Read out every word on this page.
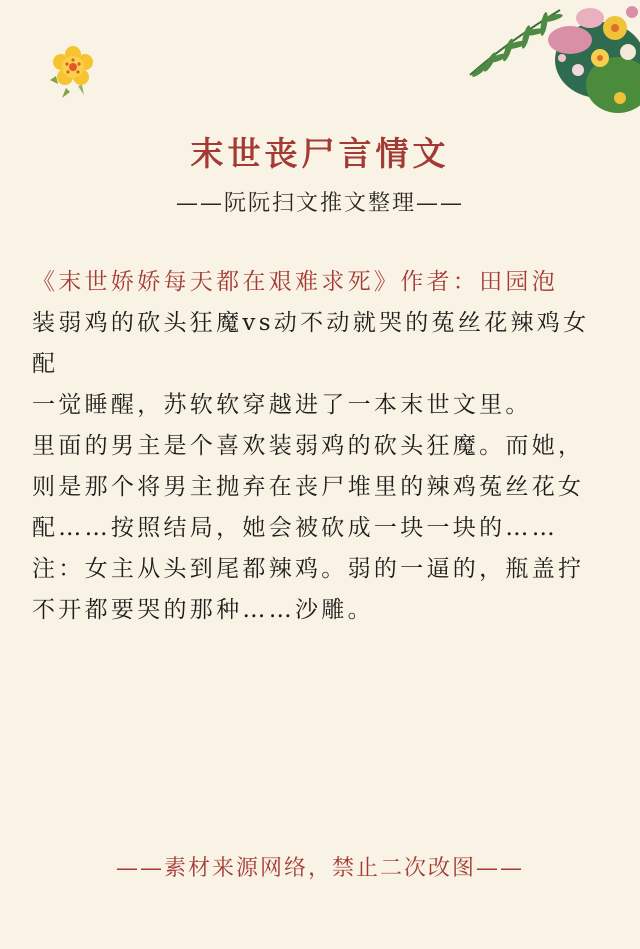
末世丧尸言情文
——阮阮扫文推文整理——

《末世娇娇每天都在艰难求死》作者：田园泡

装弱鸡的砍头狂魔vs动不动就哭的菟丝花辣鸡女配

一觉睡醒，苏软软穿越进了一本末世文里。

里面的男主是个喜欢装弱鸡的砍头狂魔。而她，则是那个将男主抛弃在丧尸堆里的辣鸡菟丝花女配……按照结局，她会被砍成一块一块的……

注：女主从头到尾都辣鸡。弱的一逼的，瓶盖拧不开都要哭的那种……沙雕。

——素材来源网络，禁止二次改图——
